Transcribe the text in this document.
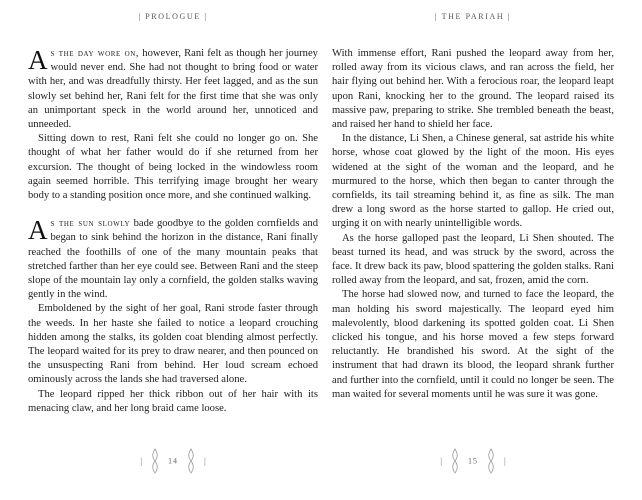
| PROLOGUE |

As the day wore on, however, Rani felt as though her journey would never end. She had not thought to bring food or water with her, and was dreadfully thirsty. Her feet lagged, and as the sun slowly set behind her, Rani felt for the first time that she was only an unimportant speck in the world around her, unnoticed and unneeded.

Sitting down to rest, Rani felt she could no longer go on. She thought of what her father would do if she returned from her excursion. The thought of being locked in the windowless room again seemed horrible. This terrifying image brought her weary body to a standing position once more, and she continued walking.

As the sun slowly bade goodbye to the golden cornfields and began to sink behind the horizon in the distance, Rani finally reached the foothills of one of the many mountain peaks that stretched farther than her eye could see. Between Rani and the steep slope of the mountain lay only a cornfield, the golden stalks waving gently in the wind.

Emboldened by the sight of her goal, Rani strode faster through the weeds. In her haste she failed to notice a leopard crouching hidden among the stalks, its golden coat blending almost perfectly. The leopard waited for its prey to draw nearer, and then pounced on the unsuspecting Rani from behind. Her loud scream echoed ominously across the lands she had traversed alone.

The leopard ripped her thick ribbon out of her hair with its menacing claw, and her long braid came loose.

|	14	|
| THE PARIAH |

With immense effort, Rani pushed the leopard away from her, rolled away from its vicious claws, and ran across the field, her hair flying out behind her. With a ferocious roar, the leopard leapt upon Rani, knocking her to the ground. The leopard raised its massive paw, preparing to strike. She trembled beneath the beast, and raised her hand to shield her face.

In the distance, Li Shen, a Chinese general, sat astride his white horse, whose coat glowed by the light of the moon. His eyes widened at the sight of the woman and the leopard, and he murmured to the horse, which then began to canter through the cornfields, its tail streaming behind it, as fine as silk. The man drew a long sword as the horse started to gallop. He cried out, urging it on with nearly unintelligible words.

As the horse galloped past the leopard, Li Shen shouted. The beast turned its head, and was struck by the sword, across the face. It drew back its paw, blood spattering the golden stalks. Rani rolled away from the leopard, and sat, frozen, amid the corn.

The horse had slowed now, and turned to face the leopard, the man holding his sword majestically. The leopard eyed him malevolently, blood darkening its spotted golden coat. Li Shen clicked his tongue, and his horse moved a few steps forward reluctantly. He brandished his sword. At the sight of the instrument that had drawn its blood, the leopard shrank further and further into the cornfield, until it could no longer be seen. The man waited for several moments until he was sure it was gone.

|	15	|
